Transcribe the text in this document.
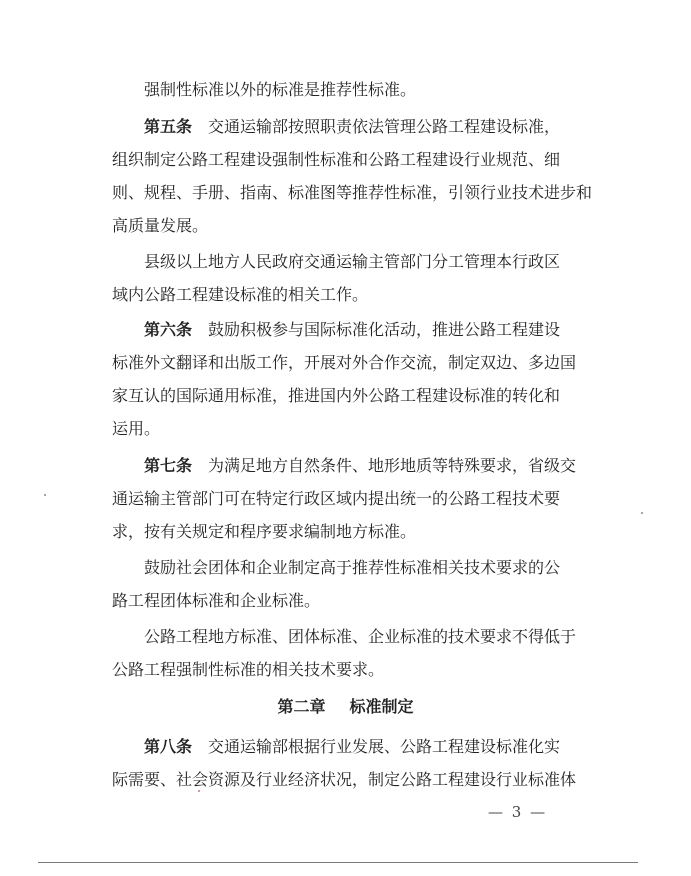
强制性标准以外的标准是推荐性标准。
第五条 交通运输部按照职责依法管理公路工程建设标准，
组织制定公路工程建设强制性标准和公路工程建设行业规范、细
则、规程、手册、指南、标准图等推荐性标准，引领行业技术进步和
高质量发展。
县级以上地方人民政府交通运输主管部门分工管理本行政区
域内公路工程建设标准的相关工作。
第六条 鼓励积极参与国际标准化活动，推进公路工程建设
标准外文翻译和出版工作，开展对外合作交流，制定双边、多边国
家互认的国际通用标准，推进国内外公路工程建设标准的转化和
运用。
第七条 为满足地方自然条件、地形地质等特殊要求，省级交
通运输主管部门可在特定行政区域内提出统一的公路工程技术要
求，按有关规定和程序要求编制地方标准。
鼓励社会团体和企业制定高于推荐性标准相关技术要求的公
路工程团体标准和企业标准。
公路工程地方标准、团体标准、企业标准的技术要求不得低于
公路工程强制性标准的相关技术要求。
第二章 标准制定
第八条 交通运输部根据行业发展、公路工程建设标准化实
际需要、社会资源及行业经济状况，制定公路工程建设行业标准体
— 3 —
